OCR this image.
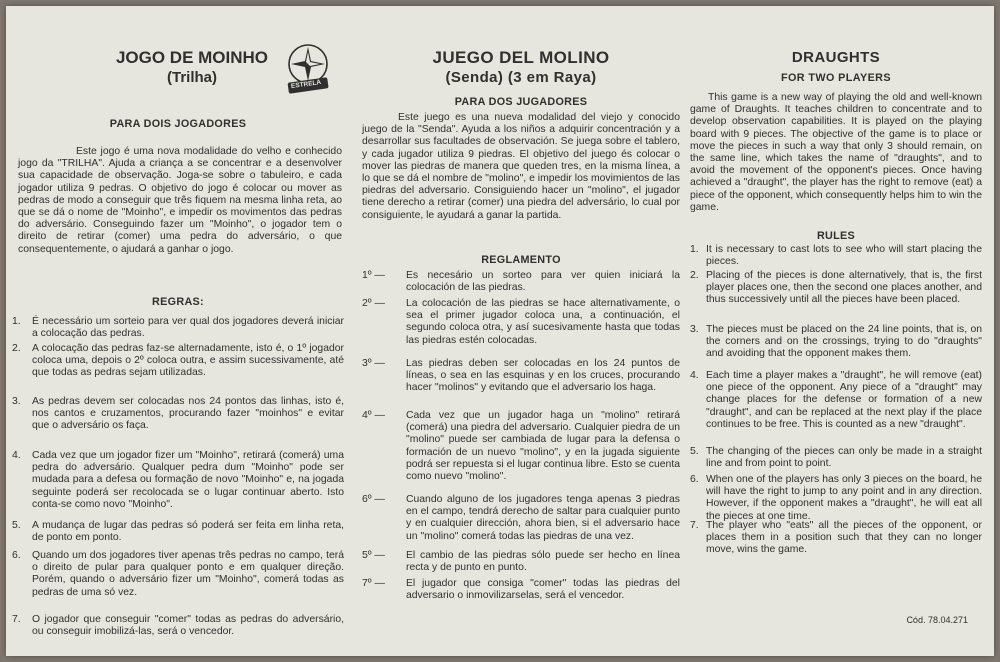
JOGO DE MOINHO
(Trilha)	ESTRELA
PARA DOIS JOGADORES
Este jogo é uma nova modalidade do velho e conhecido jogo da "TRILHA". Ajuda a criança a se concentrar e a desenvolver sua capacidade de observação. Joga-se sobre o tabuleiro, e cada jogador utiliza 9 pedras. O objetivo do jogo é colocar ou mover as pedras de modo a conseguir que três fiquem na mesma linha reta, ao que se dá o nome de "Moinho", e impedir os movimentos das pedras do adversário. Conseguindo fazer um "Moinho", o jogador tem o direito de retirar (comer) uma pedra do adversário, o que consequentemente, o ajudará a ganhar o jogo.
REGRAS:
1.	É necessário um sorteio para ver qual dos jogadores deverá iniciar a colocação das pedras.
2.	A colocação das pedras faz-se alternadamente, isto é, o 1º jogador coloca uma, depois o 2º coloca outra, e assim sucessivamente, até que todas as pedras sejam utilizadas.
3.	As pedras devem ser colocadas nos 24 pontos das linhas, isto é, nos cantos e cruzamentos, procurando fazer "moinhos" e evitar que o adversário os faça.
4.	Cada vez que um jogador fizer um "Moinho", retirará (comerá) uma pedra do adversário. Qualquer pedra dum "Moinho" pode ser mudada para a defesa ou formação de novo "Moinho" e, na jogada seguinte poderá ser recolocada se o lugar continuar aberto. Isto conta-se como novo "Moinho".
5.	A mudança de lugar das pedras só poderá ser feita em linha reta, de ponto em ponto.
6.	Quando um dos jogadores tiver apenas três pedras no campo, terá o direito de pular para qualquer ponto e em qualquer direção. Porém, quando o adversário fizer um "Moinho", comerá todas as pedras de uma só vez.
7.	O jogador que conseguir "comer" todas as pedras do adversário, ou conseguir imobilizá-las, será o vencedor.
JUEGO DEL MOLINO
(Senda) (3 em Raya)
PARA DOS JUGADORES
Este juego es una nueva modalidad del viejo y conocido juego de la "Senda". Ayuda a los niños a adquirir concentración y a desarrollar sus facultades de observación. Se juega sobre el tablero, y cada jugador utiliza 9 piedras. El objetivo del juego és colocar o mover las piedras de manera que queden tres, en la misma línea, a lo que se dá el nombre de "molino", e impedir los movimientos de las piedras del adversario. Consiguiendo hacer un "molino", el jugador tiene derecho a retirar (comer) una piedra del adversário, lo cual por consiguiente, le ayudará a ganar la partida.
REGLAMENTO
1º —	Es necesário un sorteo para ver quien iniciará la colocación de las piedras.
2º —	La colocación de las piedras se hace alternativamente, o sea el primer jugador coloca una, a continuación, el segundo coloca otra, y así sucesivamente hasta que todas las piedras estén colocadas.
3º —	Las piedras deben ser colocadas en los 24 puntos de líneas, o sea en las esquinas y en los cruces, procurando hacer "molinos" y evitando que el adversario los haga.
4º —	Cada vez que un jugador haga un "molino" retirará (comerá) una piedra del adversario. Cualquier piedra de un "molino" puede ser cambiada de lugar para la defensa o formación de un nuevo "molino", y en la jugada siguiente podrá ser repuesta si el lugar continua libre. Esto se cuenta como nuevo "molino".
6º —	Cuando alguno de los jugadores tenga apenas 3 piedras en el campo, tendrá derecho de saltar para cualquier punto y en cualquier dirección, ahora bien, si el adversario hace un "molino" comerá todas las piedras de una vez.
5º —	El cambio de las piedras sólo puede ser hecho en línea recta y de punto en punto.
7º —	El jugador que consiga "comer" todas las piedras del adversario o inmovilizarselas, será el vencedor.
DRAUGHTS
FOR TWO PLAYERS
This game is a new way of playing the old and well-known game of Draughts. It teaches children to concentrate and to develop observation capabilities. It is played on the playing board with 9 pieces. The objective of the game is to place or move the pieces in such a way that only 3 should remain, on the same line, which takes the name of "draughts", and to avoid the movement of the opponent's pieces. Once having achieved a "draught", the player has the right to remove (eat) a piece of the opponent, which consequently helps him to win the game.
RULES
1. It is necessary to cast lots to see who will start placing the pieces.
2. Placing of the pieces is done alternatively, that is, the first player places one, then the second one places another, and thus successively until all the pieces have been placed.
3. The pieces must be placed on the 24 line points, that is, on the corners and on the crossings, trying to do "draughts" and avoiding that the opponent makes them.
4. Each time a player makes a "draught", he will remove (eat) one piece of the opponent. Any piece of a "draught" may change places for the defense or formation of a new "draught", and can be replaced at the next play if the place continues to be free. This is counted as a new "draught".
5. The changing of the pieces can only be made in a straight line and from point to point.
6. When one of the players has only 3 pieces on the board, he will have the right to jump to any point and in any direction. However, if the opponent makes a "draught", he will eat all the pieces at one time.
7. The player who "eats" all the pieces of the opponent, or places them in a position such that they can no longer move, wins the game.
Cód. 78.04.271
